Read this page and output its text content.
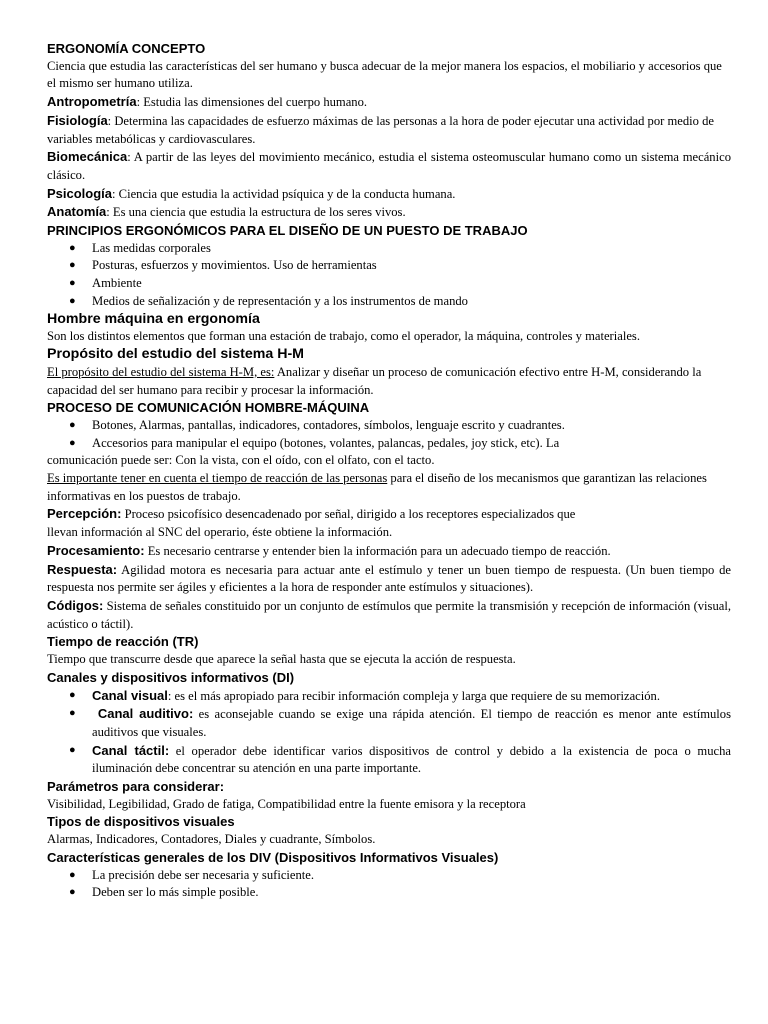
ERGONOMÍA CONCEPTO

Ciencia que estudia las características del ser humano y busca adecuar de la mejor manera los espacios, el mobiliario y accesorios que el mismo ser humano utiliza.

Antropometría: Estudia las dimensiones del cuerpo humano.

Fisiología: Determina las capacidades de esfuerzo máximas de las personas a la hora de poder ejecutar una actividad por medio de variables metabólicas y cardiovasculares.

Biomecánica: A partir de las leyes del movimiento mecánico, estudia el sistema osteomuscular humano como un sistema mecánico clásico.

Psicología: Ciencia que estudia la actividad psíquica y de la conducta humana.

Anatomía: Es una ciencia que estudia la estructura de los seres vivos.

PRINCIPIOS ERGONÓMICOS PARA EL DISEÑO DE UN PUESTO DE TRABAJO

● Las medidas corporales
● Posturas, esfuerzos y movimientos. Uso de herramientas
● Ambiente
● Medios de señalización y de representación y a los instrumentos de mando

Hombre máquina en ergonomía

Son los distintos elementos que forman una estación de trabajo, como el operador, la máquina, controles y materiales.

Propósito del estudio del sistema H-M

El propósito del estudio del sistema H-M, es: Analizar y diseñar un proceso de comunicación efectivo entre H-M, considerando la capacidad del ser humano para recibir y procesar la información.

PROCESO DE COMUNICACIÓN HOMBRE-MÁQUINA

● Botones, Alarmas, pantallas, indicadores, contadores, símbolos, lenguaje escrito y cuadrantes.
● Accesorios para manipular el equipo (botones, volantes, palancas, pedales, joy stick, etc). La

comunicación puede ser: Con la vista, con el oído, con el olfato, con el tacto.

Es importante tener en cuenta el tiempo de reacción de las personas para el diseño de los mecanismos que garantizan las relaciones informativas en los puestos de trabajo.

Percepción: Proceso psicofísico desencadenado por señal, dirigido a los receptores especializados que
llevan información al SNC del operario, éste obtiene la información.

Procesamiento: Es necesario centrarse y entender bien la información para un adecuado tiempo de reacción.

Respuesta: Agilidad motora es necesaria para actuar ante el estímulo y tener un buen tiempo de respuesta. (Un buen tiempo de respuesta nos permite ser ágiles y eficientes a la hora de responder ante estímulos y situaciones).

Códigos: Sistema de señales constituido por un conjunto de estímulos que permite la transmisión y recepción de información (visual, acústico o táctil).

Tiempo de reacción (TR)

Tiempo que transcurre desde que aparece la señal hasta que se ejecuta la acción de respuesta.

Canales y dispositivos informativos (DI)

● Canal visual: es el más apropiado para recibir información compleja y larga que requiere de su memorización.
● Canal auditivo: es aconsejable cuando se exige una rápida atención. El tiempo de reacción es menor ante estímulos auditivos que visuales.
● Canal táctil: el operador debe identificar varios dispositivos de control y debido a la existencia de poca o mucha iluminación debe concentrar su atención en una parte importante.

Parámetros para considerar:

Visibilidad, Legibilidad, Grado de fatiga, Compatibilidad entre la fuente emisora y la receptora

Tipos de dispositivos visuales

Alarmas, Indicadores, Contadores, Diales y cuadrante, Símbolos.

Características generales de los DIV (Dispositivos Informativos Visuales)

● La precisión debe ser necesaria y suficiente.
● Deben ser lo más simple posible.
